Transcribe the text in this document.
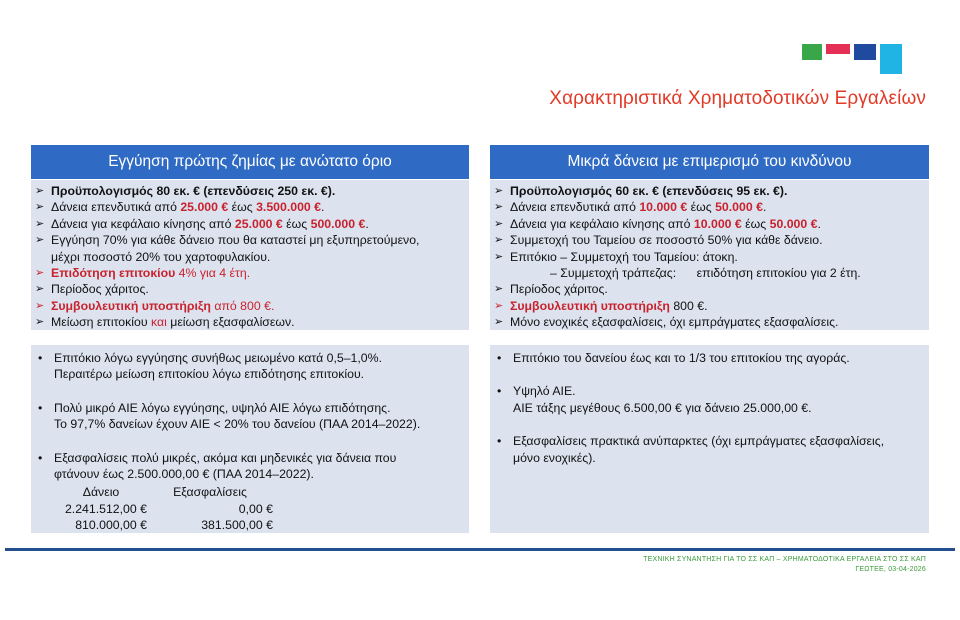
Χαρακτηριστικά Χρηματοδοτικών Εργαλείων
Εγγύηση πρώτης ζημίας με ανώτατο όριο	Μικρά δάνεια με επιμερισμό του κινδύνου
➢ Προϋπολογισμός 80 εκ. € (επενδύσεις 250 εκ. €).
➢ Δάνεια επενδυτικά από 25.000 € έως 3.500.000 €.
➢ Δάνεια για κεφάλαιο κίνησης από 25.000 € έως 500.000 €.
➢ Εγγύηση 70% για κάθε δάνειο που θα καταστεί μη εξυπηρετούμενο,
μέχρι ποσοστό 20% του χαρτοφυλακίου.
➢ Επιδότηση επιτοκίου 4% για 4 έτη.
➢ Περίοδος χάριτος.
➢ Συμβουλευτική υποστήριξη από 800 €.
➢ Μείωση επιτοκίου και μείωση εξασφαλίσεων.
➢ Προϋπολογισμός 60 εκ. € (επενδύσεις 95 εκ. €).
➢ Δάνεια επενδυτικά από 10.000 € έως 50.000 €.
➢ Δάνεια για κεφάλαιο κίνησης από 10.000 € έως 50.000 €.
➢ Συμμετοχή του Ταμείου σε ποσοστό 50% για κάθε δάνειο.
➢ Επιτόκιο – Συμμετοχή του Ταμείου: άτοκη.
– Συμμετοχή τράπεζας:      επιδότηση επιτοκίου για 2 έτη.
➢ Περίοδος χάριτος.
➢ Συμβουλευτική υποστήριξη 800 €.
➢ Μόνο ενοχικές εξασφαλίσεις, όχι εμπράγματες εξασφαλίσεις.
• Επιτόκιο λόγω εγγύησης συνήθως μειωμένο κατά 0,5–1,0%.
Περαιτέρω μείωση επιτοκίου λόγω επιδότησης επιτοκίου.
• Πολύ μικρό ΑΙΕ λόγω εγγύησης, υψηλό ΑΙΕ λόγω επιδότησης.
Το 97,7% δανείων έχουν ΑΙΕ < 20% του δανείου (ΠΑΑ 2014–2022).
• Εξασφαλίσεις πολύ μικρές, ακόμα και μηδενικές για δάνεια που
φτάνουν έως 2.500.000,00 € (ΠΑΑ 2014–2022).
Δάνειο	Εξασφαλίσεις
2.241.512,00 €	0,00 €
810.000,00 €	381.500,00 €
• Επιτόκιο του δανείου έως και το 1/3 του επιτοκίου της αγοράς.
• Υψηλό ΑΙΕ.
ΑΙΕ τάξης μεγέθους 6.500,00 € για δάνειο 25.000,00 €.
• Εξασφαλίσεις πρακτικά ανύπαρκτες (όχι εμπράγματες εξασφαλίσεις,
μόνο ενοχικές).
ΤΕΧΝΙΚΗ ΣΥΝΑΝΤΗΣΗ ΓΙΑ ΤΟ ΣΣ ΚΑΠ – ΧΡΗΜΑΤΟΔΟΤΙΚΑ ΕΡΓΑΛΕΙΑ ΣΤΟ ΣΣ ΚΑΠ
ΓΕΩΤΕΕ, 03-04-2026
